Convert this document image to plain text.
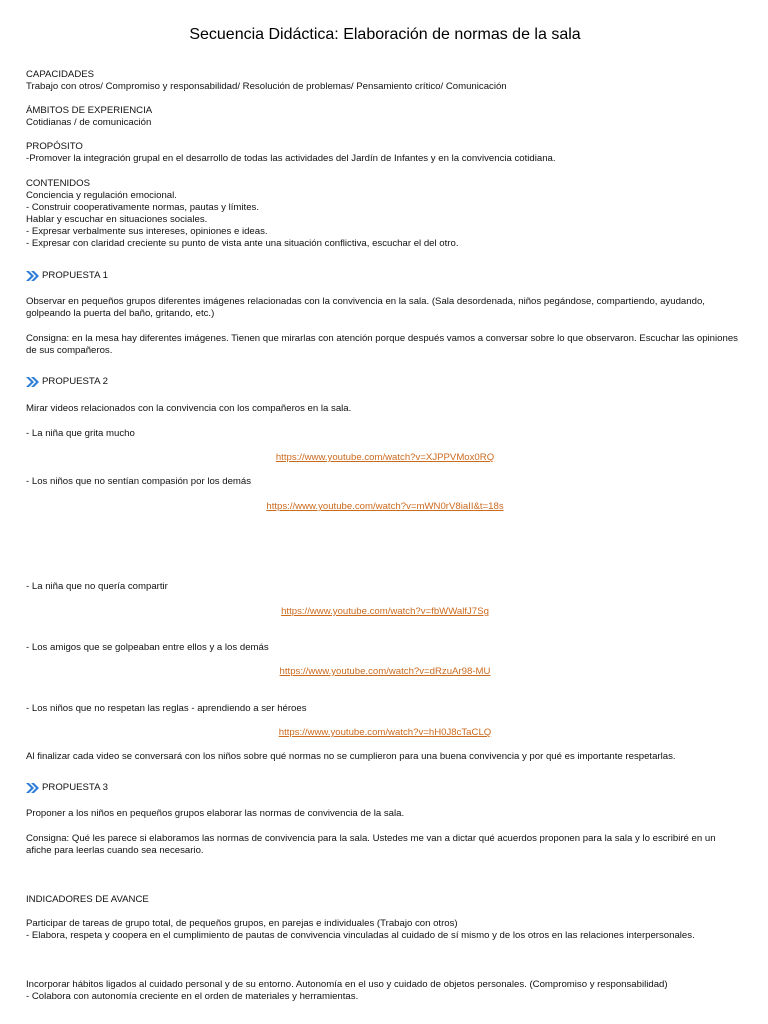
Secuencia Didáctica: Elaboración de normas de la sala
CAPACIDADES
Trabajo con otros/ Compromiso y responsabilidad/ Resolución de problemas/ Pensamiento crítico/ Comunicación
ÁMBITOS DE EXPERIENCIA
Cotidianas / de comunicación
PROPÓSITO
-Promover la integración grupal en el desarrollo de todas las actividades del Jardín de Infantes y en la convivencia cotidiana.
CONTENIDOS
Conciencia y regulación emocional.
- Construir cooperativamente normas, pautas y límites.
Hablar y escuchar en situaciones sociales.
- Expresar verbalmente sus intereses, opiniones e ideas.
- Expresar con claridad creciente su punto de vista ante una situación conflictiva, escuchar el del otro.
PROPUESTA 1
Observar en pequeños grupos diferentes imágenes relacionadas con la convivencia en la sala. (Sala desordenada, niños pegándose, compartiendo, ayudando, golpeando la puerta del baño, gritando, etc.)
Consigna: en la mesa hay diferentes imágenes. Tienen que mirarlas con atención porque después vamos a conversar sobre lo que observaron. Escuchar las opiniones de sus compañeros.
PROPUESTA 2
Mirar videos relacionados con la convivencia con los compañeros en la sala.
- La niña que grita mucho
https://www.youtube.com/watch?v=XJPPVMox0RQ
- Los niños que no sentían compasión por los demás
https://www.youtube.com/watch?v=mWN0rV8iaII&t=18s
- La niña que no quería compartir
https://www.youtube.com/watch?v=fbWWalfJ7Sg
- Los amigos que se golpeaban entre ellos y a los demás
https://www.youtube.com/watch?v=dRzuAr98-MU
- Los niños que no respetan las reglas - aprendiendo a ser héroes
https://www.youtube.com/watch?v=hH0J8cTaCLQ
Al finalizar cada video se conversará con los niños sobre qué normas no se cumplieron para una buena convivencia y por qué es importante respetarlas.
PROPUESTA 3
Proponer a los niños en pequeños grupos elaborar las normas de convivencia de la sala.
Consigna: Qué les parece si elaboramos las normas de convivencia para la sala. Ustedes me van a dictar qué acuerdos proponen para la sala y lo escribiré en un afiche para leerlas cuando sea necesario.
INDICADORES DE AVANCE
Participar de tareas de grupo total, de pequeños grupos, en parejas e individuales (Trabajo con otros)
- Elabora, respeta y coopera en el cumplimiento de pautas de convivencia vinculadas al cuidado de sí mismo y de los otros en las relaciones interpersonales.
Incorporar hábitos ligados al cuidado personal y de su entorno. Autonomía en el uso y cuidado de objetos personales. (Compromiso y responsabilidad)
- Colabora con autonomía creciente en el orden de materiales y herramientas.
